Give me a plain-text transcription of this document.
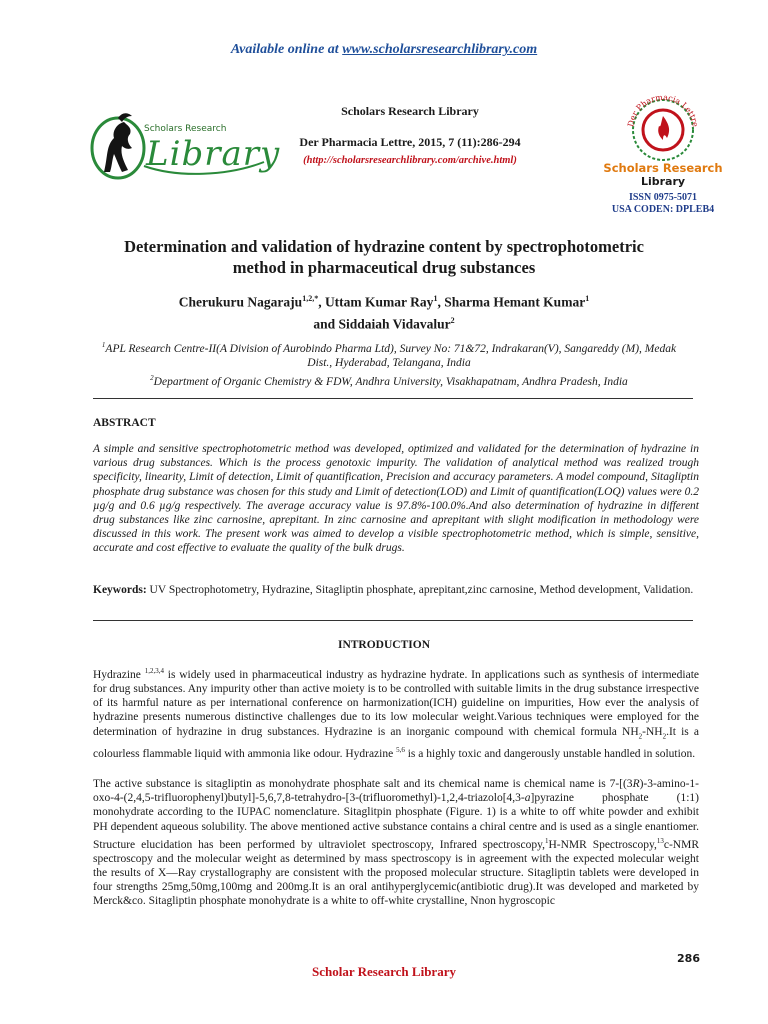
Available online at www.scholarsresearchlibrary.com
Scholars Research
Library
Scholars Research Library
Der Pharmacia Lettre, 2015, 7 (11):286-294
(http://scholarsresearchlibrary.com/archive.html)
Der Pharmacia Lettre
Scholars Research
Library
ISSN 0975-5071
USA CODEN: DPLEB4
Determination and validation of hydrazine content by spectrophotometric
method in pharmaceutical drug substances
Cherukuru Nagaraju$^{1,2,*}$, Uttam Kumar Ray$^1$, Sharma Hemant Kumar$^1$
and Siddaiah Vidavalur$^2$
$^1$APL Research Centre-II(A Division of Aurobindo Pharma Ltd), Survey No: 71&72, Indrakaran(V), Sangareddy (M), Medak Dist., Hyderabad, Telangana, India
$^2$Department of Organic Chemistry & FDW, Andhra University, Visakhapatnam, Andhra Pradesh, India
ABSTRACT
A simple and sensitive spectrophotometric method was developed, optimized and validated for the determination of hydrazine in various drug substances. Which is the process genotoxic impurity. The validation of analytical method was realized trough specificity, linearity, Limit of detection, Limit of quantification, Precision and accuracy parameters. A model compound, Sitagliptin phosphate drug substance was chosen for this study and Limit of detection(LOD) and Limit of quantification(LOQ) values were 0.2 µg/g and 0.6 µg/g respectively. The average accuracy value is 97.8%-100.0%.And also determination of hydrazine in different drug substances like zinc carnosine, aprepitant. In zinc carnosine and aprepitant with slight modification in methodology were discussed in this work. The present work was aimed to develop a visible spectrophotometric method, which is simple, sensitive, accurate and cost effective to evaluate the quality of the bulk drugs.
Keywords: UV Spectrophotometry, Hydrazine, Sitagliptin phosphate, aprepitant,zinc carnosine, Method development, Validation.
INTRODUCTION
Hydrazine $^{1,2,3,4}$ is widely used in pharmaceutical industry as hydrazine hydrate. In applications such as synthesis of intermediate for drug substances. Any impurity other than active moiety is to be controlled with suitable limits in the drug substance irrespective of its harmful nature as per international conference on harmonization(ICH) guideline on impurities, How ever the analysis of hydrazine presents numerous distinctive challenges due to its low molecular weight.Various techniques were employed for the determination of hydrazine in drug substances. Hydrazine is an inorganic compound with chemical formula $NH_2-NH_2.It$ is a colourless flammable liquid with ammonia like odour. Hydrazine $^{5,6}$ is a highly toxic and dangerously unstable handled in solution.
The active substance is sitagliptin as monohydrate phosphate salt and its chemical name is chemical name is 7-[(3R)-3-amino-1-oxo-4-(2,4,5-trifluorophenyl)butyl]-5,6,7,8-tetrahydro-[3-(trifluoromethyl)-1,2,4-triazolo[4,3-a]pyrazine phosphate (1:1) monohydrate according to the IUPAC nomenclature. Sitaglitpin phosphate (Figure. 1) is a white to off white powder and exhibit PH dependent aqueous solubility. The above mentioned active substance contains a chiral centre and is used as a single enantiomer. Structure elucidation has been performed by ultraviolet spectroscopy, Infrared spectroscopy,$^1$H-NMR Spectroscopy,$^{13}$c-NMR spectroscopy and the molecular weight as determined by mass spectroscopy is in agreement with the expected molecular weight the results of X—Ray crystallography are consistent with the proposed molecular structure. Sitagliptin tablets were developed in four strengths 25mg,50mg,100mg and 200mg.It is an oral antihyperglycemic(antibiotic drug).It was developed and marketed by Merck&co. Sitagliptin phosphate monohydrate is a white to off-white crystalline, Nnon hygroscopic
286
Scholar Research Library
